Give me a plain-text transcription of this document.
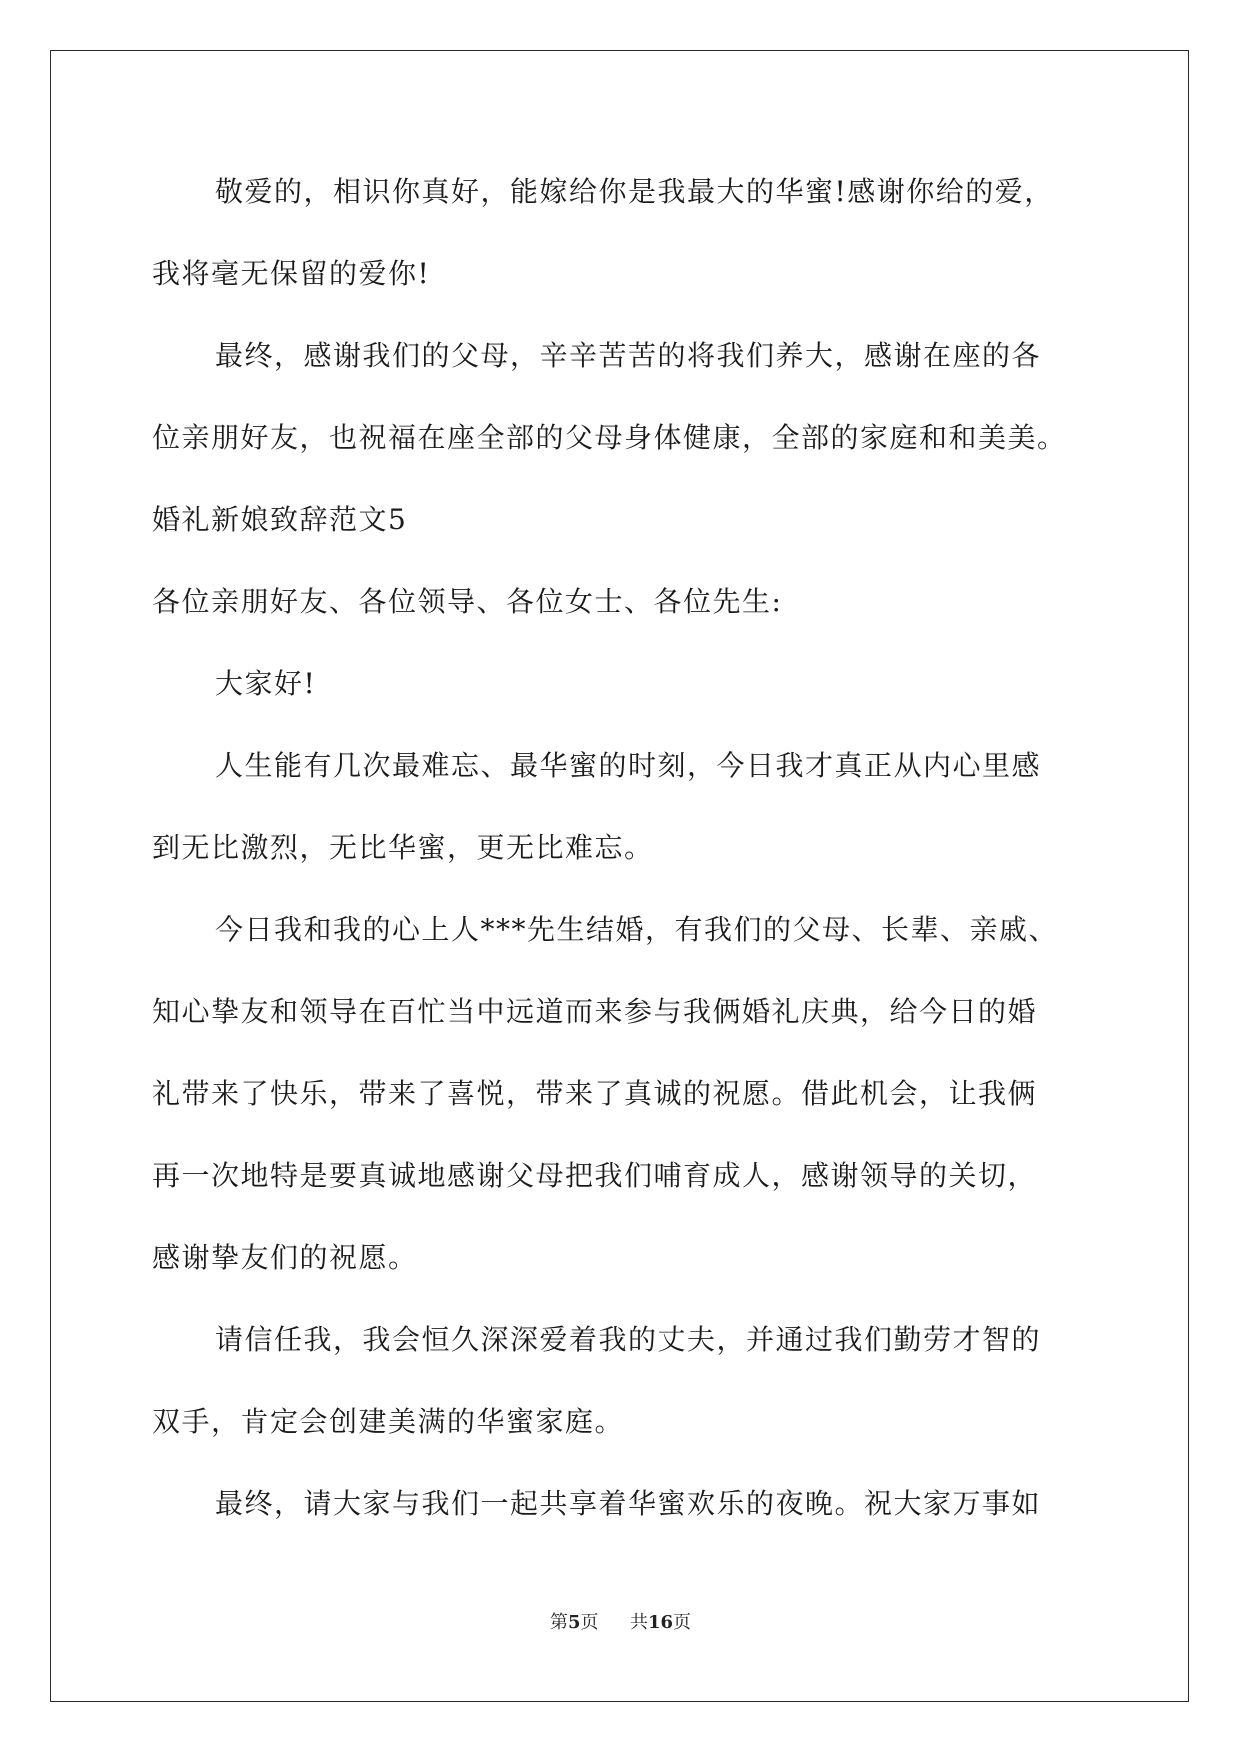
敬爱的，相识你真好，能嫁给你是我最大的华蜜!感谢你给的爱，
我将毫无保留的爱你!
最终，感谢我们的父母，辛辛苦苦的将我们养大，感谢在座的各
位亲朋好友，也祝福在座全部的父母身体健康，全部的家庭和和美美。
婚礼新娘致辞范文5
各位亲朋好友、各位领导、各位女士、各位先生:
大家好!
人生能有几次最难忘、最华蜜的时刻，今日我才真正从内心里感
到无比激烈，无比华蜜，更无比难忘。
今日我和我的心上人***先生结婚，有我们的父母、长辈、亲戚、
知心挚友和领导在百忙当中远道而来参与我俩婚礼庆典，给今日的婚
礼带来了快乐，带来了喜悦，带来了真诚的祝愿。借此机会，让我俩
再一次地特是要真诚地感谢父母把我们哺育成人，感谢领导的关切，
感谢挚友们的祝愿。
请信任我，我会恒久深深爱着我的丈夫，并通过我们勤劳才智的
双手，肯定会创建美满的华蜜家庭。
最终，请大家与我们一起共享着华蜜欢乐的夜晚。祝大家万事如
第5页 共16页
